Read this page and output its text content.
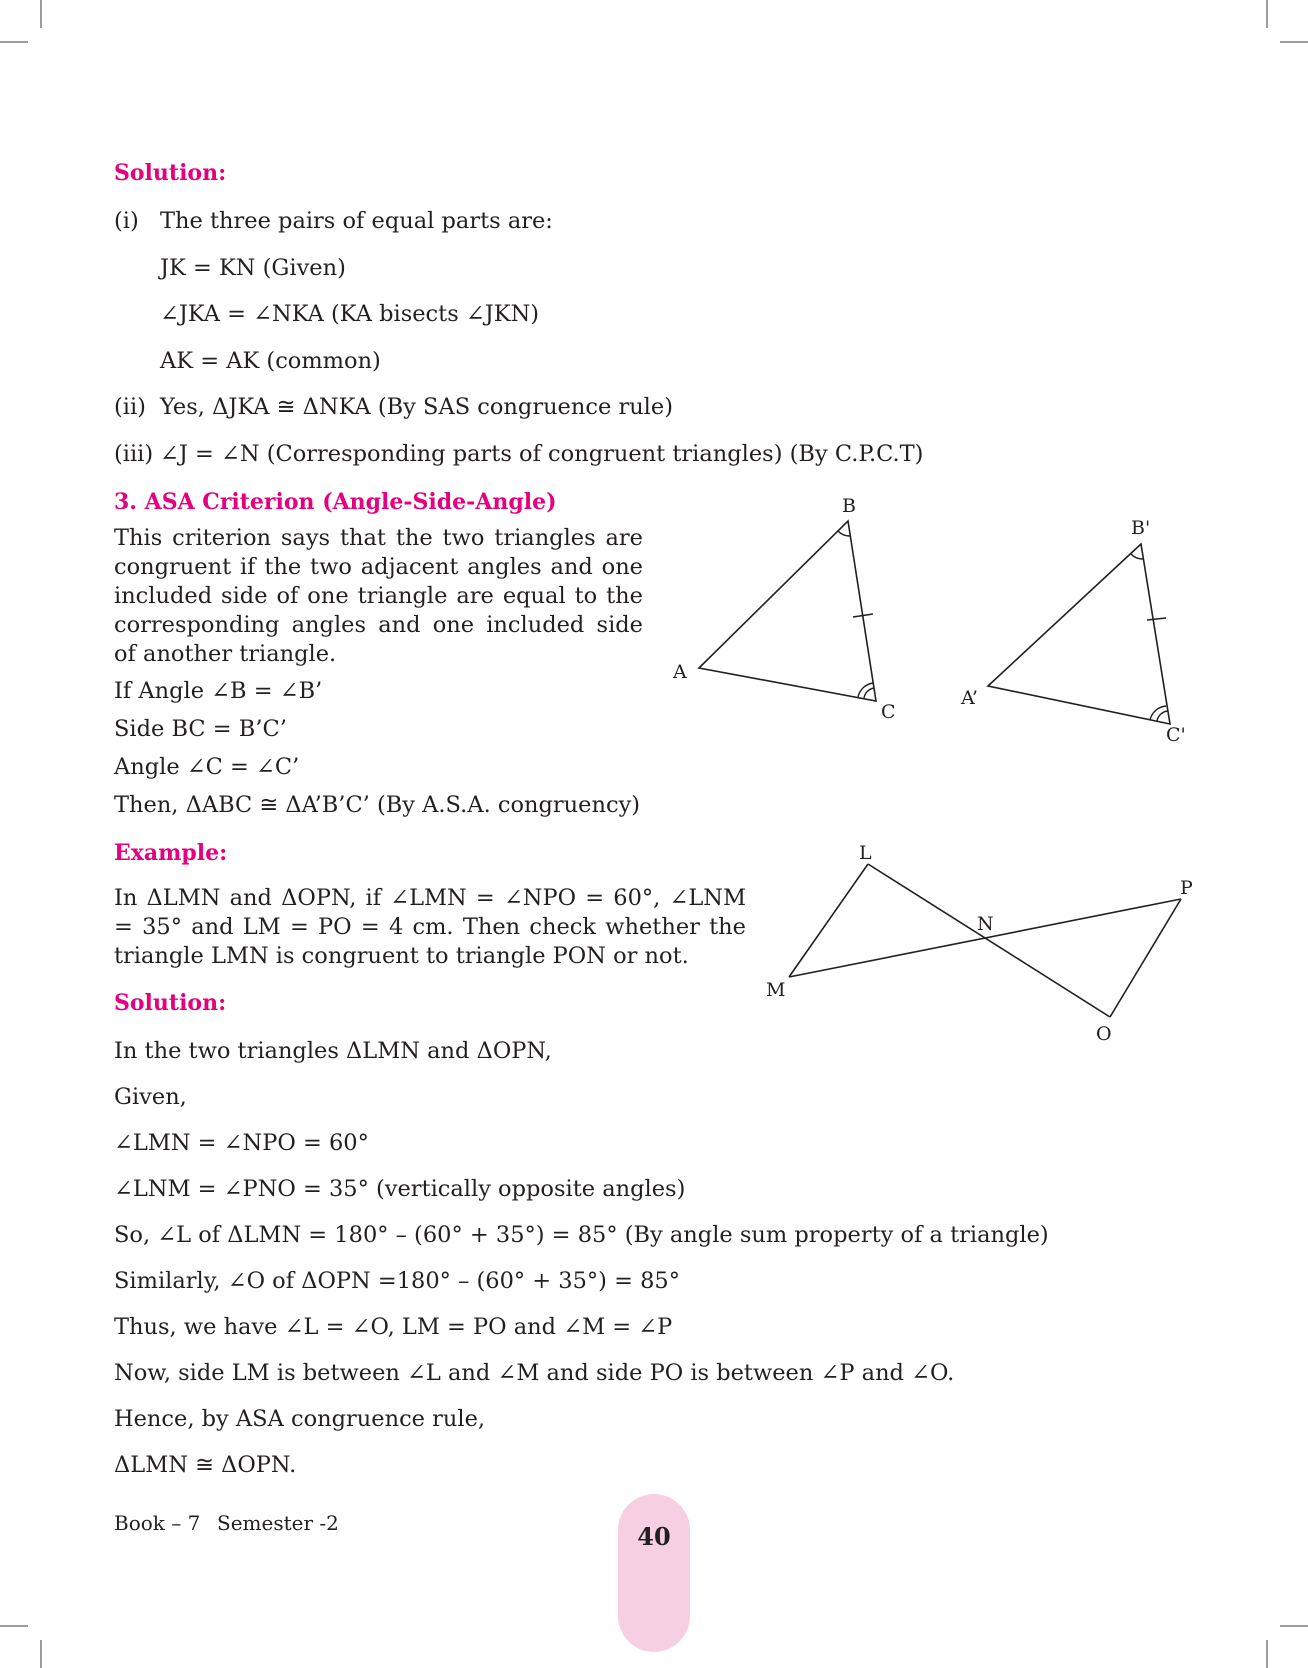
Solution:
(i) The three pairs of equal parts are:
JK = KN (Given)
∠JKA = ∠NKA (KA bisects ∠JKN)
AK = AK (common)
(ii) Yes, ΔJKA ≅ ΔNKA (By SAS congruence rule)
(iii) ∠J = ∠N (Corresponding parts of congruent triangles) (By C.P.C.T)
3. ASA Criterion (Angle-Side-Angle)
This criterion says that the two triangles are congruent if the two adjacent angles and one included side of one triangle are equal to the corresponding angles and one included side of another triangle.
If Angle ∠B = ∠B’
Side BC = B’C’
Angle ∠C = ∠C’
Then, ΔABC ≅ ΔA’B’C’ (By A.S.A. congruency)
A
B
C
A’
B'
C'
Example:
In ΔLMN and ΔOPN, if ∠LMN = ∠NPO = 60°, ∠LNM = 35° and LM = PO = 4 cm. Then check whether the triangle LMN is congruent to triangle PON or not.
L
M
N
O
P
Solution:
In the two triangles ΔLMN and ΔOPN,
Given,
∠LMN = ∠NPO = 60°
∠LNM = ∠PNO = 35° (vertically opposite angles)
So, ∠L of ΔLMN = 180° – (60° + 35°) = 85° (By angle sum property of a triangle)
Similarly, ∠O of ΔOPN =180° – (60° + 35°) = 85°
Thus, we have ∠L = ∠O, LM = PO and ∠M = ∠P
Now, side LM is between ∠L and ∠M and side PO is between ∠P and ∠O.
Hence, by ASA congruence rule,
ΔLMN ≅ ΔOPN.
Book – 7 Semester -2	40
